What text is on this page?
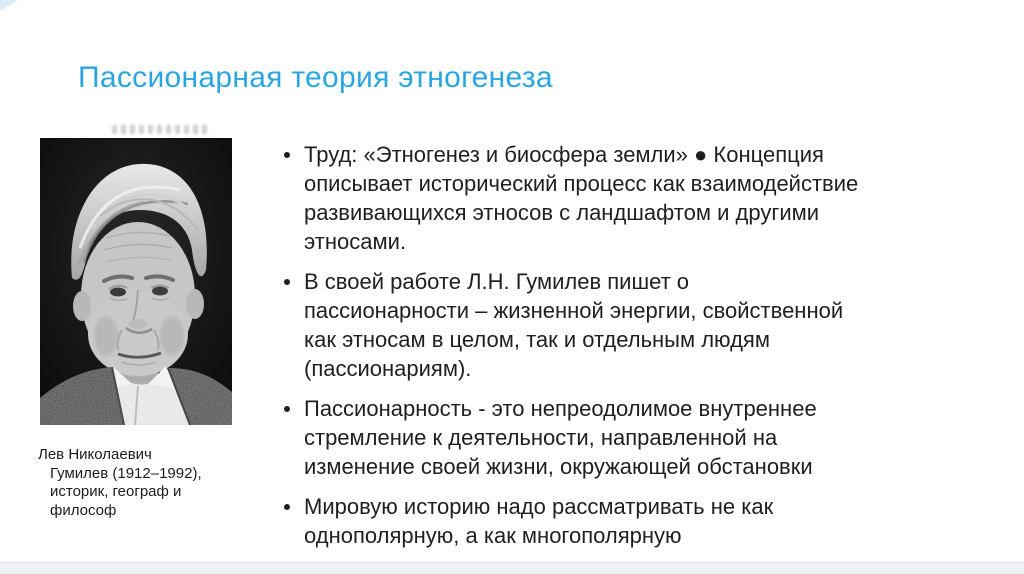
Пассионарная теория этногенеза
Лев Николаевич
Гумилев (1912–1992),
историк, географ и
философ
Труд: «Этногенез и биосфера земли» ● Концепция
описывает исторический процесс как взаимодействие
развивающихся этносов с ландшафтом и другими
этносами.
В своей работе Л.Н. Гумилев пишет о
пассионарности – жизненной энергии, свойственной
как этносам в целом, так и отдельным людям
(пассионариям).
Пассионарность - это непреодолимое внутреннее
стремление к деятельности, направленной на
изменение своей жизни, окружающей обстановки
Мировую историю надо рассматривать не как
однополярную, а как многополярную
